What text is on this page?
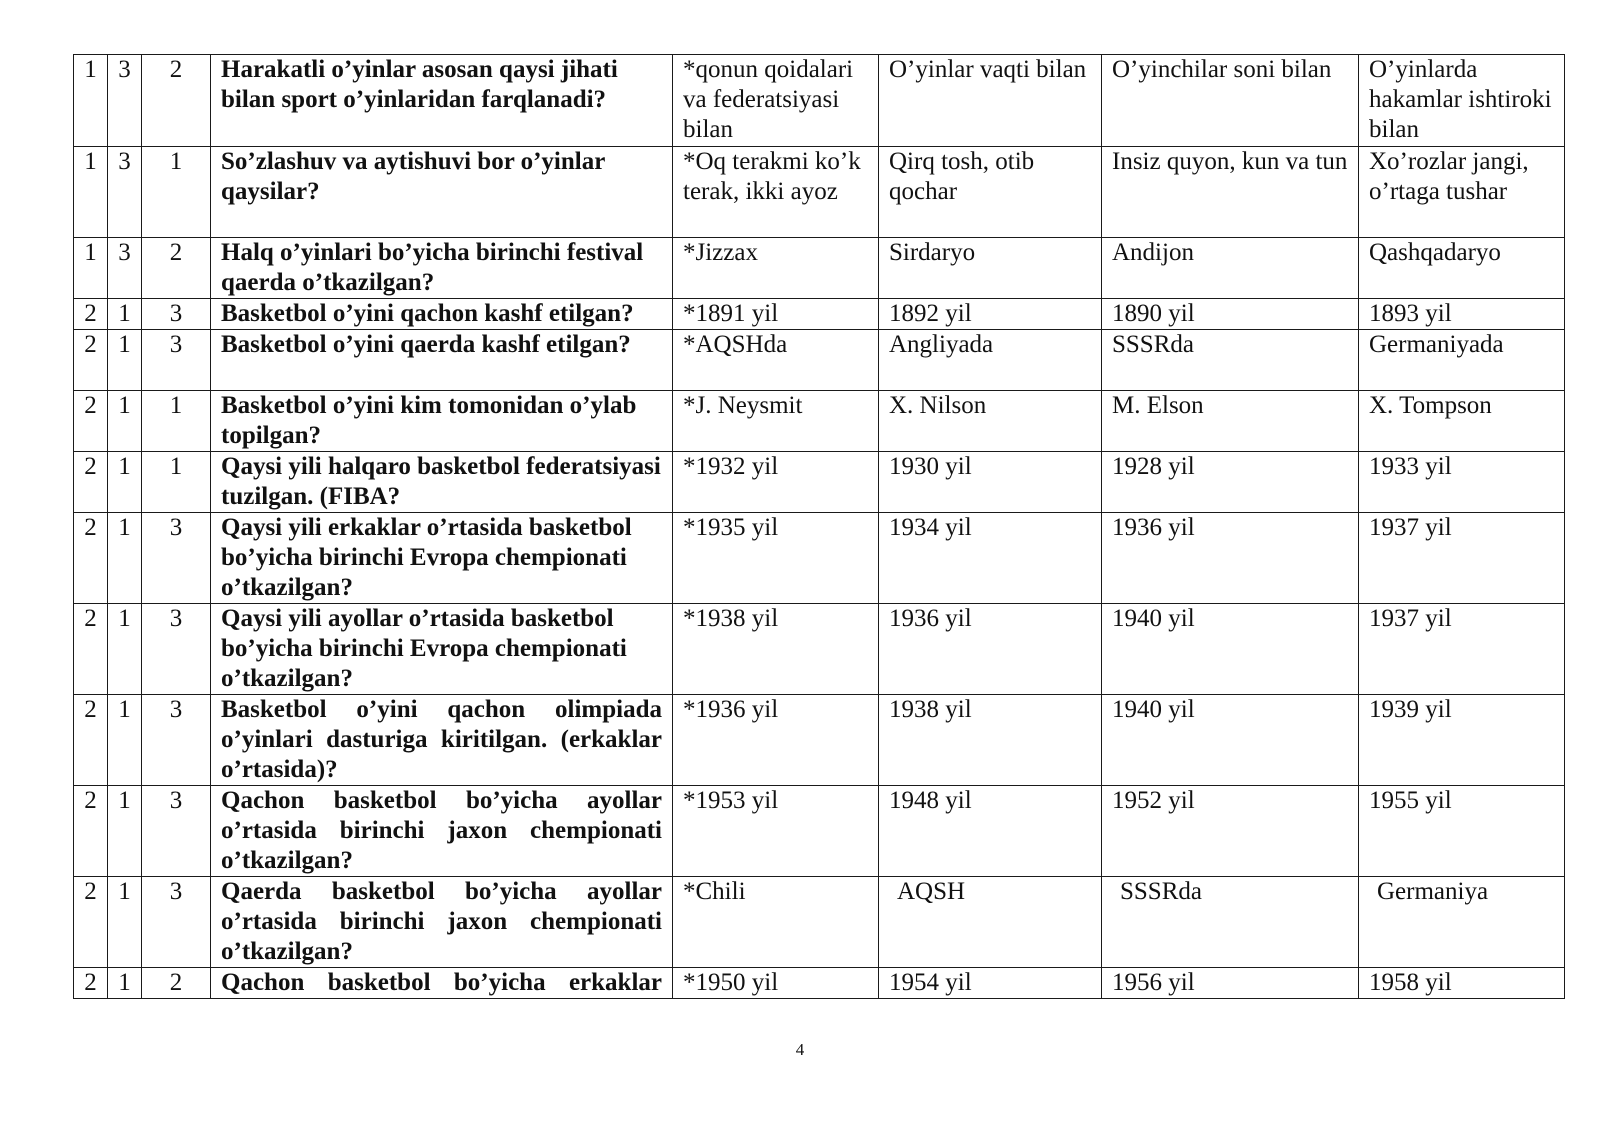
1	3	2	Harakatli o’yinlar asosan qaysi jihati bilan sport o’yinlaridan farqlanadi?	*qonun qoidalari va federatsiyasi bilan	O’yinlar vaqti bilan	O’yinchilar soni bilan	O’yinlarda hakamlar ishtiroki bilan
1	3	1	So’zlashuv va aytishuvi bor o’yinlar qaysilar?	*Oq terakmi ko’k terak, ikki ayoz	Qirq tosh, otib qochar	Insiz quyon, kun va tun	Xo’rozlar jangi, o’rtaga tushar
1	3	2	Halq o’yinlari bo’yicha birinchi festival qaerda o’tkazilgan?	*Jizzax	Sirdaryo	Andijon	Qashqadaryo
2	1	3	Basketbol o’yini qachon kashf etilgan?	*1891 yil	1892 yil	1890 yil	1893 yil
2	1	3	Basketbol o’yini qaerda kashf etilgan?	*AQSHda	Angliyada	SSSRda	Germaniyada
2	1	1	Basketbol o’yini kim tomonidan o’ylab topilgan?	*J. Neysmit	X. Nilson	M. Elson	X. Tompson
2	1	1	Qaysi yili halqaro basketbol federatsiyasi tuzilgan. (FIBA?	*1932 yil	1930 yil	1928 yil	1933 yil
2	1	3	Qaysi yili erkaklar o’rtasida basketbol bo’yicha birinchi Evropa chempionati o’tkazilgan?	*1935 yil	1934 yil	1936 yil	1937 yil
2	1	3	Qaysi yili ayollar o’rtasida basketbol bo’yicha birinchi Evropa chempionati o’tkazilgan?	*1938 yil	1936 yil	1940 yil	1937 yil
2	1	3	Basketbol o’yini qachon olimpiada o’yinlari dasturiga kiritilgan. (erkaklar o’rtasida)?	*1936 yil	1938 yil	1940 yil	1939 yil
2	1	3	Qachon basketbol bo’yicha ayollar o’rtasida birinchi jaxon chempionati o’tkazilgan?	*1953 yil	1948 yil	1952 yil	1955 yil
2	1	3	Qaerda basketbol bo’yicha ayollar o’rtasida birinchi jaxon chempionati o’tkazilgan?	*Chili	AQSH	SSSRda	Germaniya
2	1	2	Qachon basketbol bo’yicha erkaklar	*1950 yil	1954 yil	1956 yil	1958 yil
4
